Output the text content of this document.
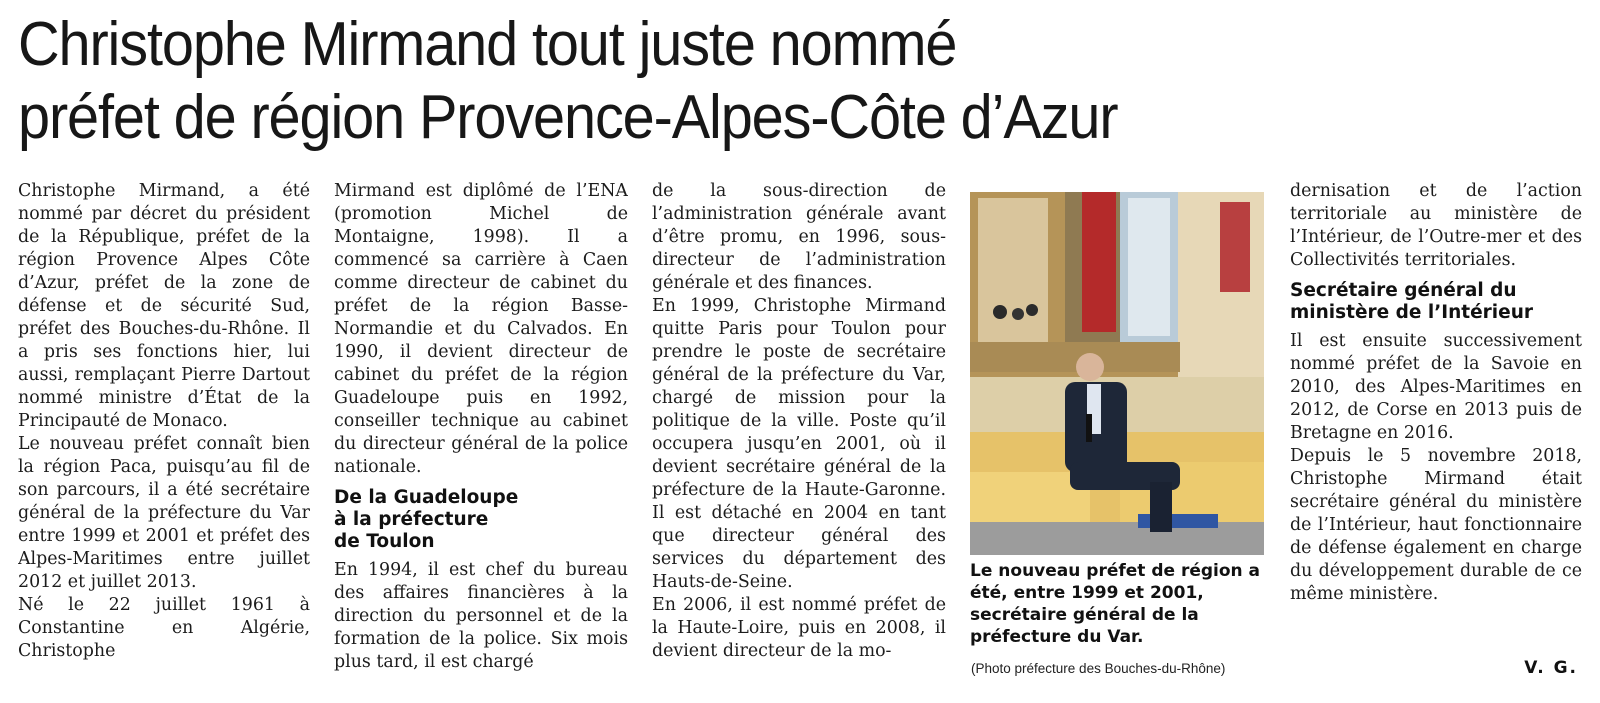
Christophe Mirmand tout juste nommé
préfet de région Provence-Alpes-Côte d’Azur

Christophe Mirmand, a été nommé par décret du président de la République, préfet de la région Provence Alpes Côte d’Azur, préfet de la zone de défense et de sécurité Sud, préfet des Bouches-du-Rhône. Il a pris ses fonctions hier, lui aussi, remplaçant Pierre Dartout nommé ministre d’État de la Principauté de Monaco.

Le nouveau préfet connaît bien la région Paca, puisqu’au fil de son parcours, il a été secrétaire général de la préfecture du Var entre 1999 et 2001 et préfet des Alpes-Maritimes entre juillet 2012 et juillet 2013.

Né le 22 juillet 1961 à Constantine en Algérie, Christophe

Mirmand est diplômé de l’ENA (promotion Michel de Montaigne, 1998). Il a commencé sa carrière à Caen comme directeur de cabinet du préfet de la région Basse-Normandie et du Calvados. En 1990, il devient directeur de cabinet du préfet de la région Guadeloupe puis en 1992, conseiller technique au cabinet du directeur général de la police nationale.

De la Guadeloupe
à la préfecture
de Toulon

En 1994, il est chef du bureau des affaires financières à la direction du personnel et de la formation de la police. Six mois plus tard, il est chargé

de la sous-direction de l’administration générale avant d’être promu, en 1996, sous-directeur de l’administration générale et des finances.

En 1999, Christophe Mirmand quitte Paris pour Toulon pour prendre le poste de secrétaire général de la préfecture du Var, chargé de mission pour la politique de la ville. Poste qu’il occupera jusqu’en 2001, où il devient secrétaire général de la préfecture de la Haute-Garonne. Il est détaché en 2004 en tant que directeur général des services du département des Hauts-de-Seine.

En 2006, il est nommé préfet de la Haute-Loire, puis en 2008, il devient directeur de la mo-

Le nouveau préfet de région a été, entre 1999 et 2001, secrétaire général de la préfecture du Var.

(Photo préfecture des Bouches-du-Rhône)

dernisation et de l’action territoriale au ministère de l’Intérieur, de l’Outre-mer et des Collectivités territoriales.

Secrétaire général du
ministère de l’Intérieur

Il est ensuite successivement nommé préfet de la Savoie en 2010, des Alpes-Maritimes en 2012, de Corse en 2013 puis de Bretagne en 2016.

Depuis le 5 novembre 2018, Christophe Mirmand était secrétaire général du ministère de l’Intérieur, haut fonctionnaire de défense également en charge du développement durable de ce même ministère.

V. G.
